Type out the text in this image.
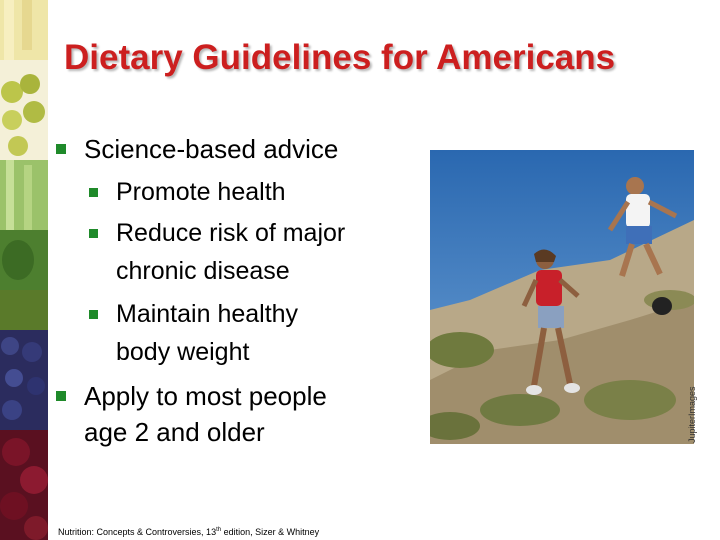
Dietary Guidelines for Americans
Science-based advice
Promote health
Reduce risk of major
chronic disease
Maintain healthy
body weight
Apply to most people
age 2 and older	JupiterImages
Nutrition: Concepts & Controversies, 13th edition, Sizer & Whitney
